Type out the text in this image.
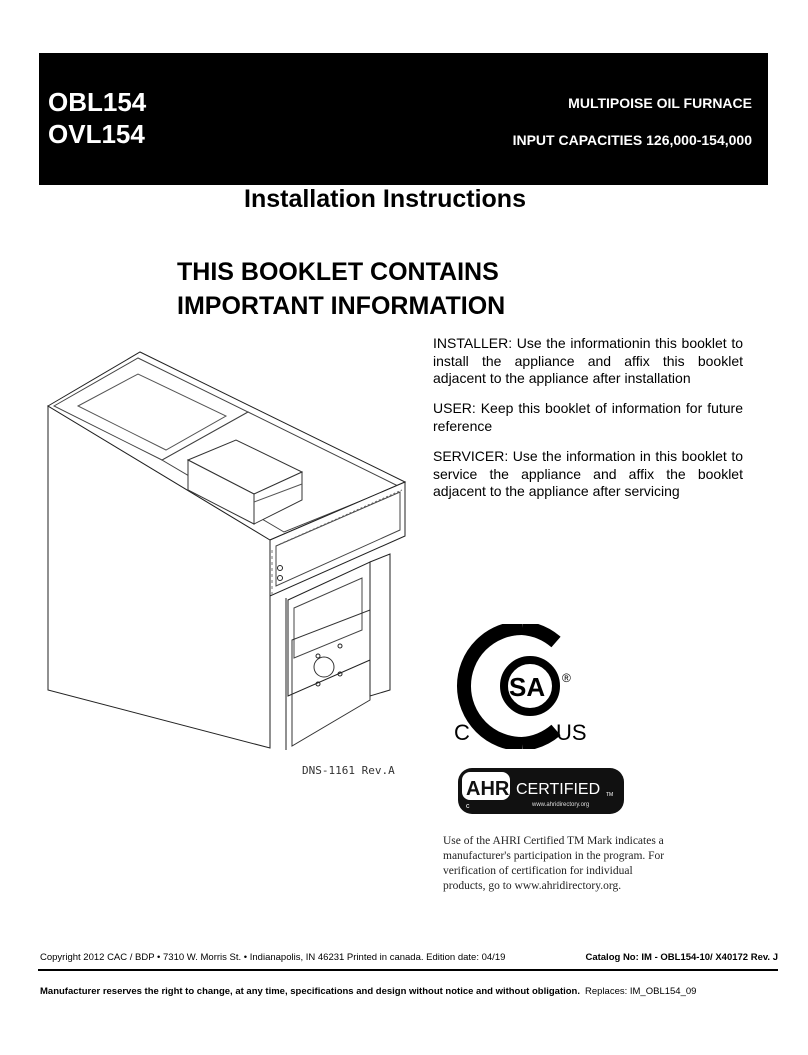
OBL154
OVL154
MULTIPOISE OIL FURNACE
INPUT CAPACITIES 126,000-154,000
Installation Instructions
THIS BOOKLET CONTAINS
IMPORTANT INFORMATION
INSTALLER: Use the informationin this booklet to install the appliance and affix this booklet adjacent to the appliance after installation
USER: Keep this booklet of information for future reference
SERVICER: Use the information in this booklet to service the appliance and affix the booklet adjacent to the appliance after servicing
DNS-1161 Rev.A
SA ®
C	US
AHRI CERTIFIED TM
www.ahridirectory.org
c
Use of the AHRI Certified TM Mark indicates a manufacturer's participation in the program. For verification of certification for individual products, go to www.ahridirectory.org.
Copyright 2012 CAC / BDP • 7310 W. Morris St. • Indianapolis, IN 46231 Printed in canada. Edition date: 04/19	Catalog No: IM - OBL154-10/ X40172 Rev. J
Manufacturer reserves the right to change, at any time, specifications and design without notice and without obligation. Replaces: IM_OBL154_09
